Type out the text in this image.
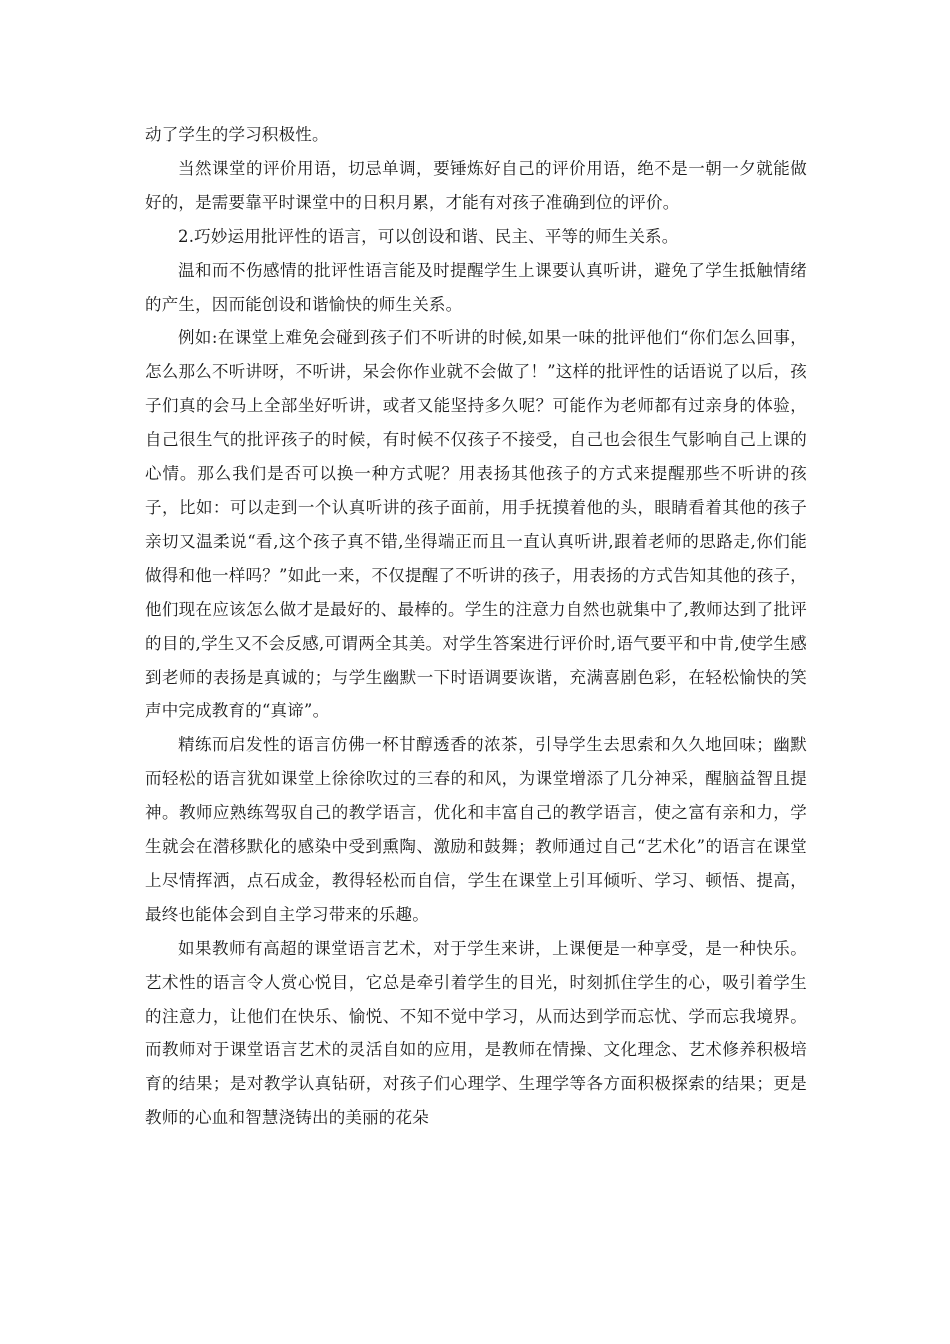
动了学生的学习积极性。

当然课堂的评价用语，切忌单调，要锤炼好自己的评价用语，绝不是一朝一夕就能做好的，是需要靠平时课堂中的日积月累，才能有对孩子准确到位的评价。

2.巧妙运用批评性的语言，可以创设和谐、民主、平等的师生关系。

温和而不伤感情的批评性语言能及时提醒学生上课要认真听讲，避免了学生抵触情绪的产生，因而能创设和谐愉快的师生关系。

例如:在课堂上难免会碰到孩子们不听讲的时候,如果一味的批评他们“你们怎么回事，怎么那么不听讲呀，不听讲，呆会你作业就不会做了！”这样的批评性的话语说了以后，孩子们真的会马上全部坐好听讲，或者又能坚持多久呢？可能作为老师都有过亲身的体验，自己很生气的批评孩子的时候，有时候不仅孩子不接受，自己也会很生气影响自己上课的心情。那么我们是否可以换一种方式呢？用表扬其他孩子的方式来提醒那些不听讲的孩子，比如：可以走到一个认真听讲的孩子面前，用手抚摸着他的头，眼睛看着其他的孩子亲切又温柔说“看,这个孩子真不错,坐得端正而且一直认真听讲,跟着老师的思路走,你们能做得和他一样吗？”如此一来，不仅提醒了不听讲的孩子，用表扬的方式告知其他的孩子，他们现在应该怎么做才是最好的、最棒的。学生的注意力自然也就集中了,教师达到了批评的目的,学生又不会反感,可谓两全其美。对学生答案进行评价时,语气要平和中肯,使学生感到老师的表扬是真诚的；与学生幽默一下时语调要诙谐，充满喜剧色彩，在轻松愉快的笑声中完成教育的“真谛”。

精练而启发性的语言仿佛一杯甘醇透香的浓茶，引导学生去思索和久久地回味；幽默而轻松的语言犹如课堂上徐徐吹过的三春的和风，为课堂增添了几分神采，醒脑益智且提神。教师应熟练驾驭自己的教学语言，优化和丰富自己的教学语言，使之富有亲和力，学生就会在潜移默化的感染中受到熏陶、激励和鼓舞；教师通过自己“艺术化”的语言在课堂上尽情挥洒，点石成金，教得轻松而自信，学生在课堂上引耳倾听、学习、顿悟、提高，最终也能体会到自主学习带来的乐趣。

如果教师有高超的课堂语言艺术，对于学生来讲，上课便是一种享受，是一种快乐。艺术性的语言令人赏心悦目，它总是牵引着学生的目光，时刻抓住学生的心，吸引着学生的注意力，让他们在快乐、愉悦、不知不觉中学习，从而达到学而忘忧、学而忘我境界。而教师对于课堂语言艺术的灵活自如的应用，是教师在情操、文化理念、艺术修养积极培育的结果；是对教学认真钻研，对孩子们心理学、生理学等各方面积极探索的结果；更是教师的心血和智慧浇铸出的美丽的花朵
